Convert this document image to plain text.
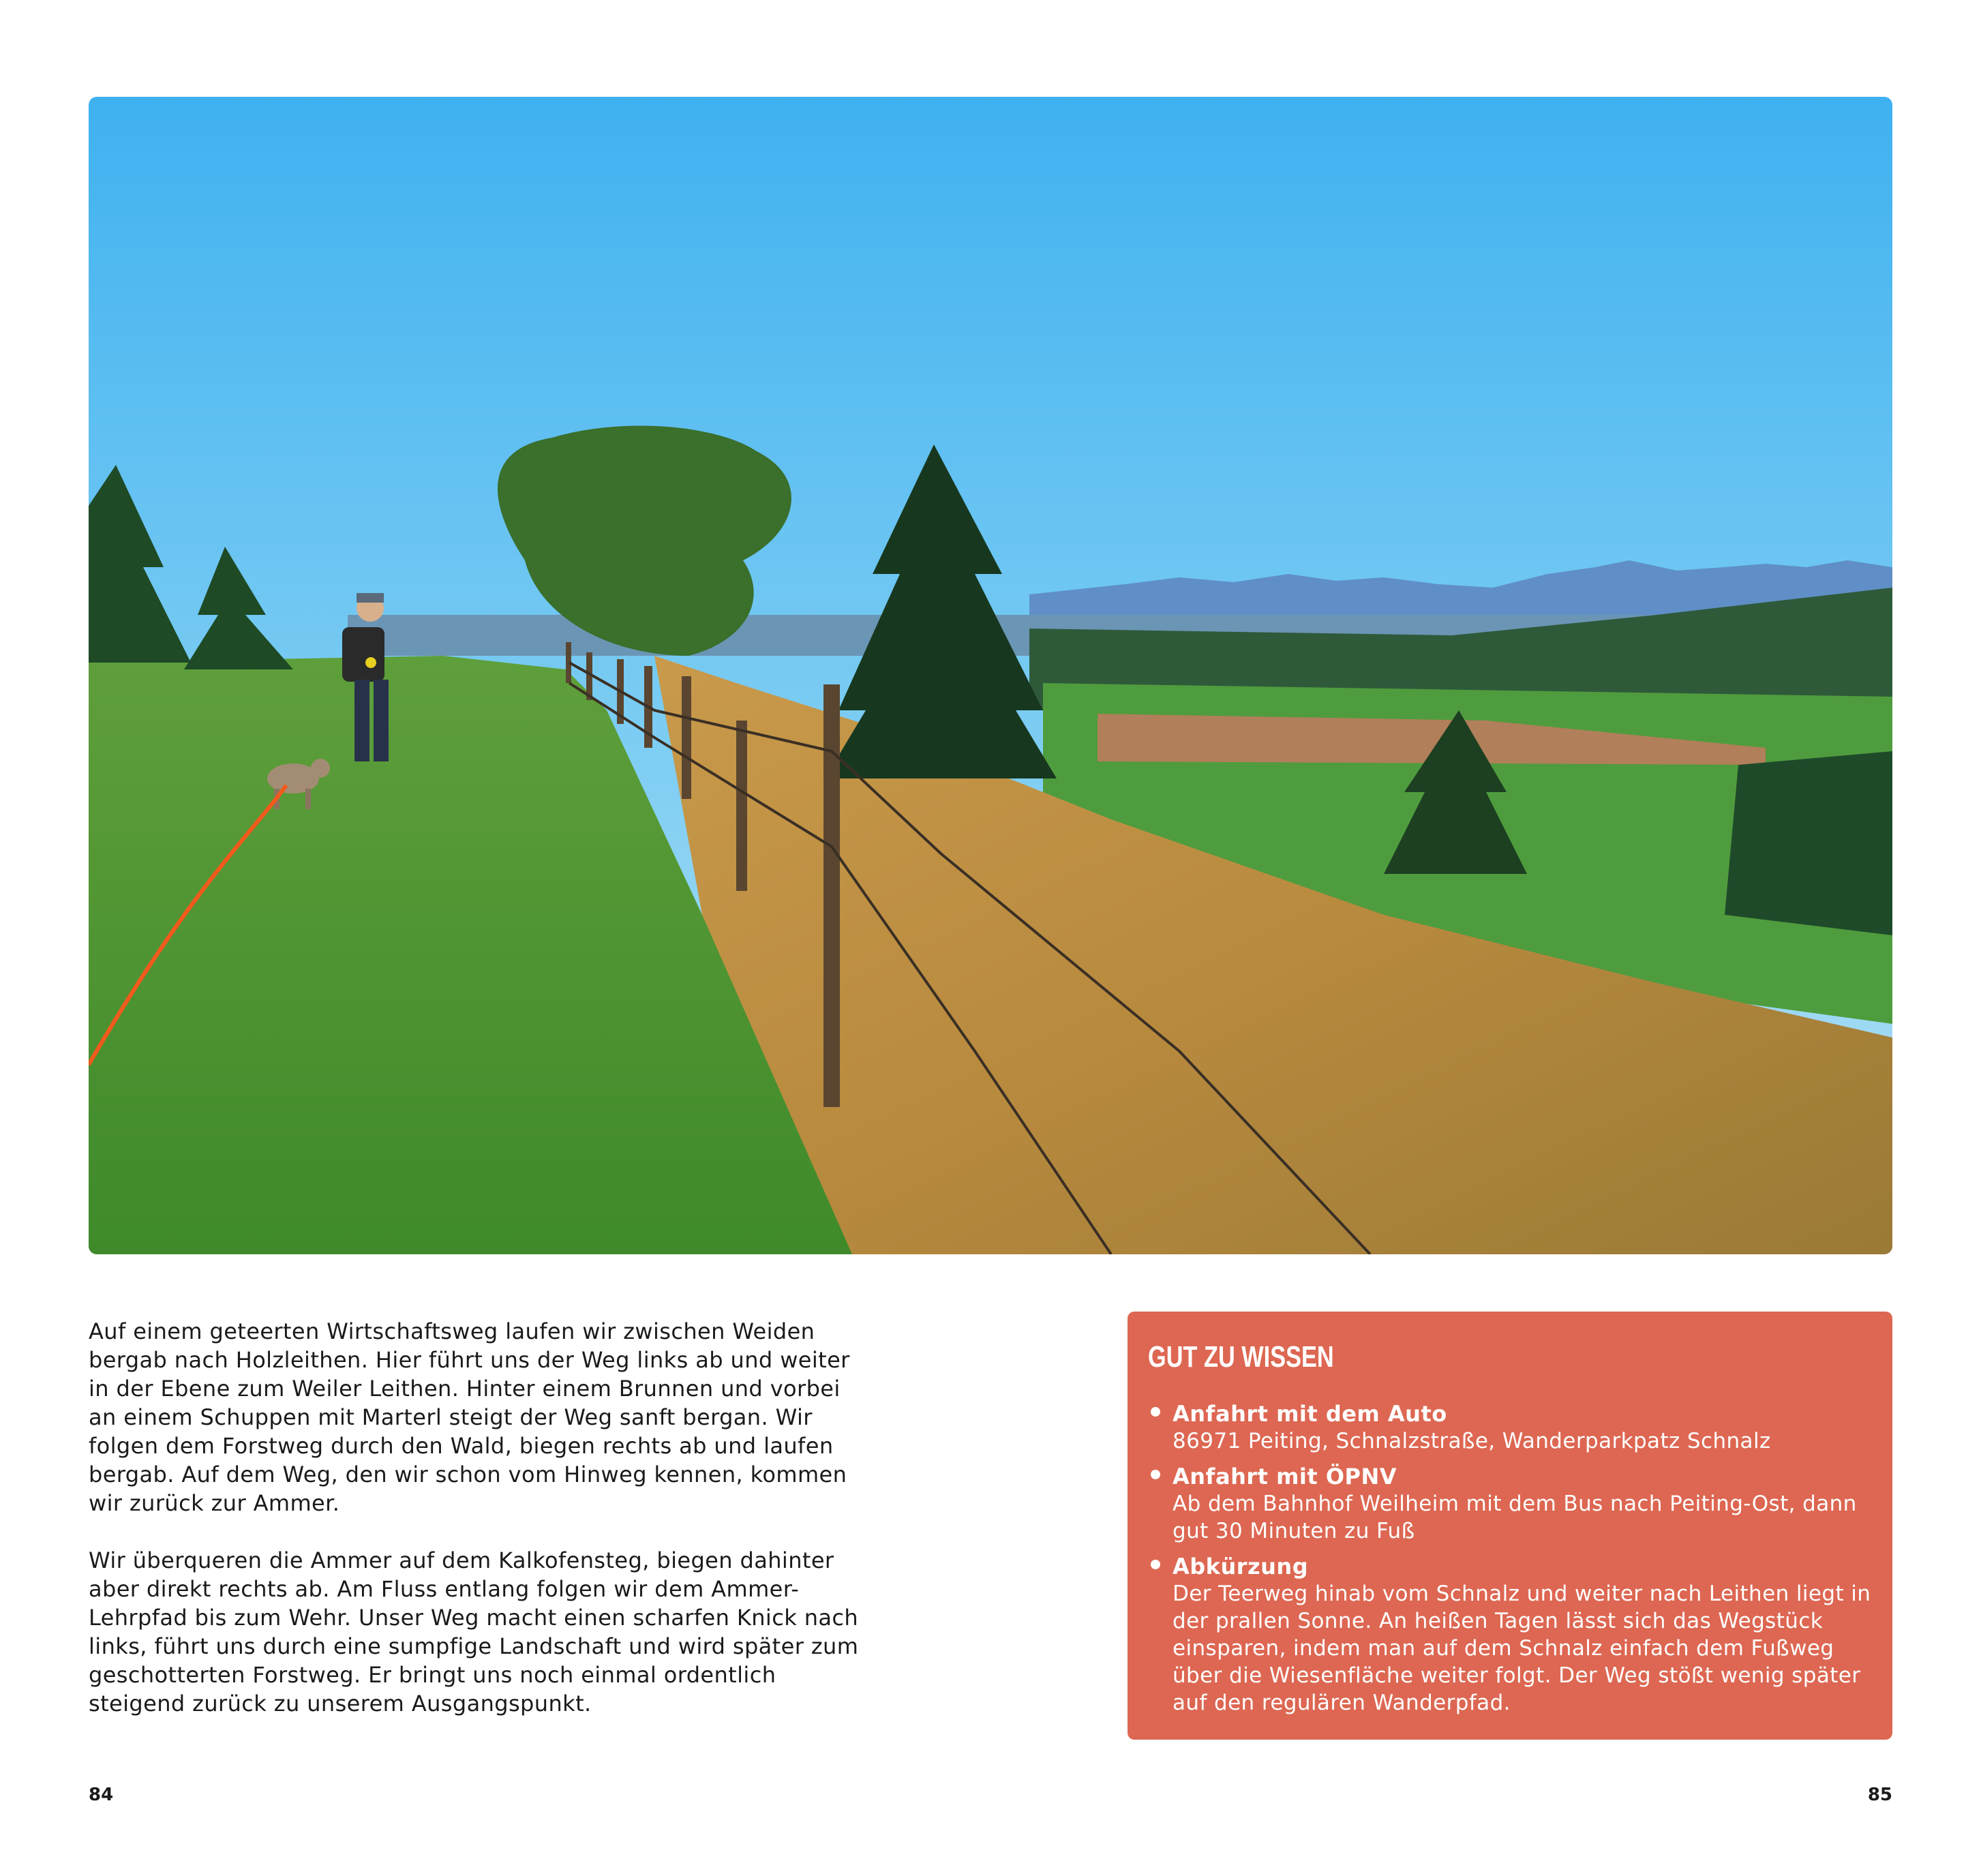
Auf einem geteerten Wirtschaftsweg laufen wir zwischen Weiden bergab nach Holzleithen. Hier führt uns der Weg links ab und weiter in der Ebene zum Weiler Leithen. Hinter einem Brunnen und vorbei an einem Schuppen mit Marterl steigt der Weg sanft bergan. Wir folgen dem Forstweg durch den Wald, biegen rechts ab und laufen bergab. Auf dem Weg, den wir schon vom Hinweg kennen, kommen wir zurück zur Ammer.

Wir überqueren die Ammer auf dem Kalkofensteg, biegen dahinter aber direkt rechts ab. Am Fluss entlang folgen wir dem Ammer-Lehrpfad bis zum Wehr. Unser Weg macht einen scharfen Knick nach links, führt uns durch eine sumpfige Landschaft und wird später zum geschotterten Forstweg. Er bringt uns noch einmal ordentlich steigend zurück zu unserem Ausgangspunkt.

GUT ZU WISSEN
Anfahrt mit dem Auto
86971 Peiting, Schnalzstraße, Wanderparkpatz Schnalz
Anfahrt mit ÖPNV
Ab dem Bahnhof Weilheim mit dem Bus nach Peiting-Ost, dann gut 30 Minuten zu Fuß
Abkürzung
Der Teerweg hinab vom Schnalz und weiter nach Leithen liegt in der prallen Sonne. An heißen Tagen lässt sich das Wegstück einsparen, indem man auf dem Schnalz einfach dem Fußweg über die Wiesenfläche weiter folgt. Der Weg stößt wenig später auf den regulären Wanderpfad.
84	85
